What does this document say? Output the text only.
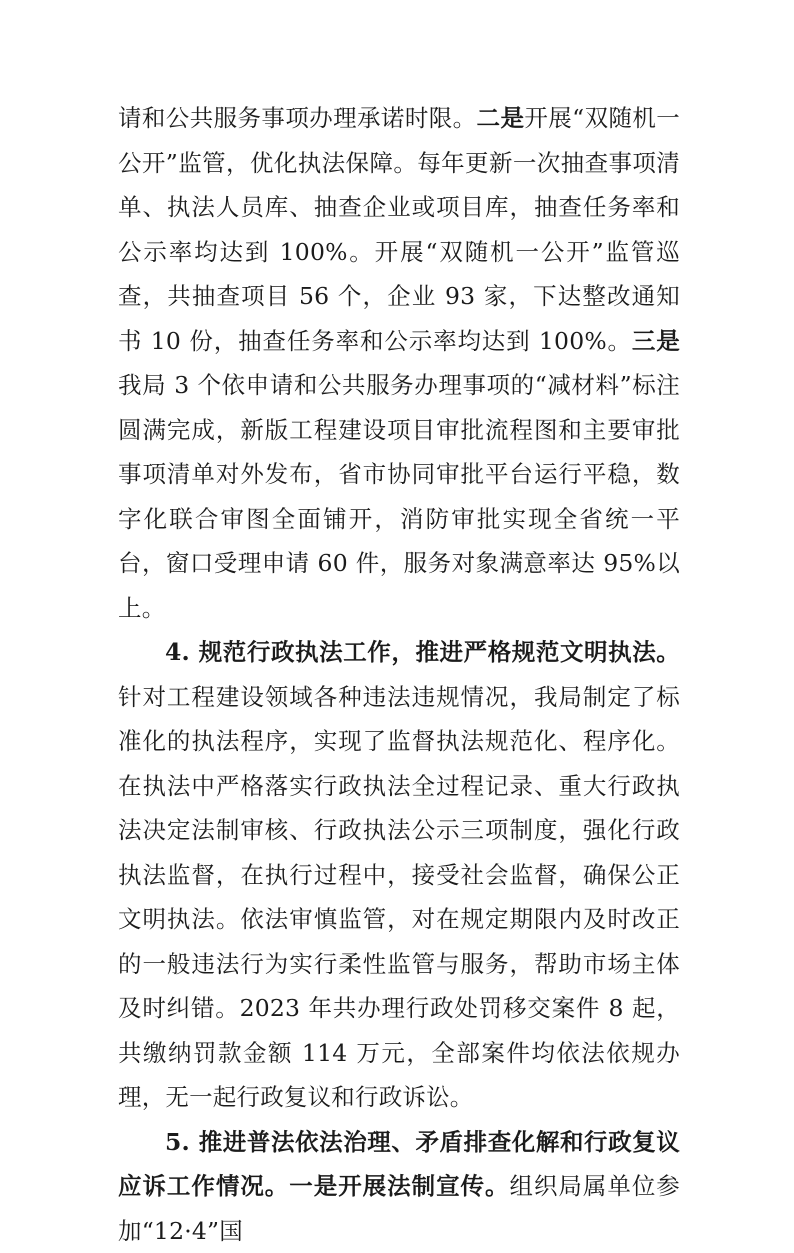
请和公共服务事项办理承诺时限。二是开展“双随机一公开”监管，优化执法保障。每年更新一次抽查事项清单、执法人员库、抽查企业或项目库，抽查任务率和公示率均达到 100%。开展“双随机一公开”监管巡查，共抽查项目 56 个，企业 93 家，下达整改通知书 10 份，抽查任务率和公示率均达到 100%。三是我局 3 个依申请和公共服务办理事项的“减材料”标注圆满完成，新版工程建设项目审批流程图和主要审批事项清单对外发布，省市协同审批平台运行平稳，数字化联合审图全面铺开，消防审批实现全省统一平台，窗口受理申请 60 件，服务对象满意率达 95%以上。

4. 规范行政执法工作，推进严格规范文明执法。针对工程建设领域各种违法违规情况，我局制定了标准化的执法程序，实现了监督执法规范化、程序化。在执法中严格落实行政执法全过程记录、重大行政执法决定法制审核、行政执法公示三项制度，强化行政执法监督，在执行过程中，接受社会监督，确保公正文明执法。依法审慎监管，对在规定期限内及时改正的一般违法行为实行柔性监管与服务，帮助市场主体及时纠错。2023 年共办理行政处罚移交案件 8 起，共缴纳罚款金额 114 万元，全部案件均依法依规办理，无一起行政复议和行政诉讼。

5. 推进普法依法治理、矛盾排查化解和行政复议应诉工作情况。一是开展法制宣传。组织局属单位参加“12·4”国
